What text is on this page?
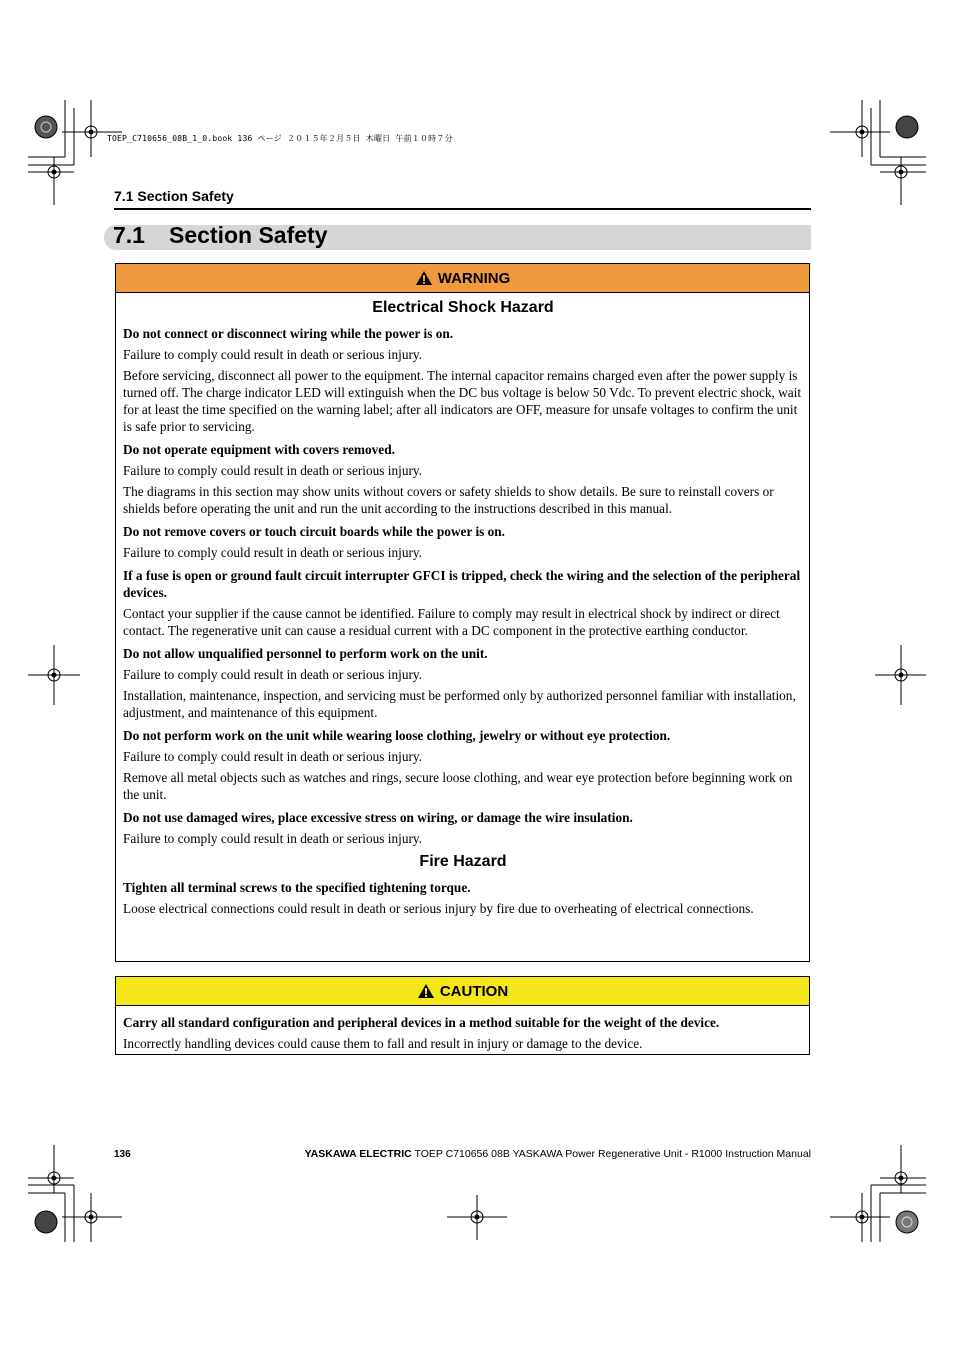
TOEP_C710656_08B_1_0.book 136 ページ ２０１５年２月５日 木曜日 午前１０時７分
7.1 Section Safety
7.1 Section Safety
WARNING
Electrical Shock Hazard
Do not connect or disconnect wiring while the power is on.
Failure to comply could result in death or serious injury.
Before servicing, disconnect all power to the equipment. The internal capacitor remains charged even after the power supply is turned off. The charge indicator LED will extinguish when the DC bus voltage is below 50 Vdc. To prevent electric shock, wait for at least the time specified on the warning label; after all indicators are OFF, measure for unsafe voltages to confirm the unit is safe prior to servicing.
Do not operate equipment with covers removed.
Failure to comply could result in death or serious injury.
The diagrams in this section may show units without covers or safety shields to show details. Be sure to reinstall covers or shields before operating the unit and run the unit according to the instructions described in this manual.
Do not remove covers or touch circuit boards while the power is on.
Failure to comply could result in death or serious injury.
If a fuse is open or ground fault circuit interrupter GFCI is tripped, check the wiring and the selection of the peripheral devices.
Contact your supplier if the cause cannot be identified. Failure to comply may result in electrical shock by indirect or direct contact. The regenerative unit can cause a residual current with a DC component in the protective earthing conductor.
Do not allow unqualified personnel to perform work on the unit.
Failure to comply could result in death or serious injury.
Installation, maintenance, inspection, and servicing must be performed only by authorized personnel familiar with installation, adjustment, and maintenance of this equipment.
Do not perform work on the unit while wearing loose clothing, jewelry or without eye protection.
Failure to comply could result in death or serious injury.
Remove all metal objects such as watches and rings, secure loose clothing, and wear eye protection before beginning work on the unit.
Do not use damaged wires, place excessive stress on wiring, or damage the wire insulation.
Failure to comply could result in death or serious injury.
Fire Hazard
Tighten all terminal screws to the specified tightening torque.
Loose electrical connections could result in death or serious injury by fire due to overheating of electrical connections.
CAUTION
Carry all standard configuration and peripheral devices in a method suitable for the weight of the device.
Incorrectly handling devices could cause them to fall and result in injury or damage to the device.
136	YASKAWA ELECTRIC TOEP C710656 08B YASKAWA Power Regenerative Unit - R1000 Instruction Manual
